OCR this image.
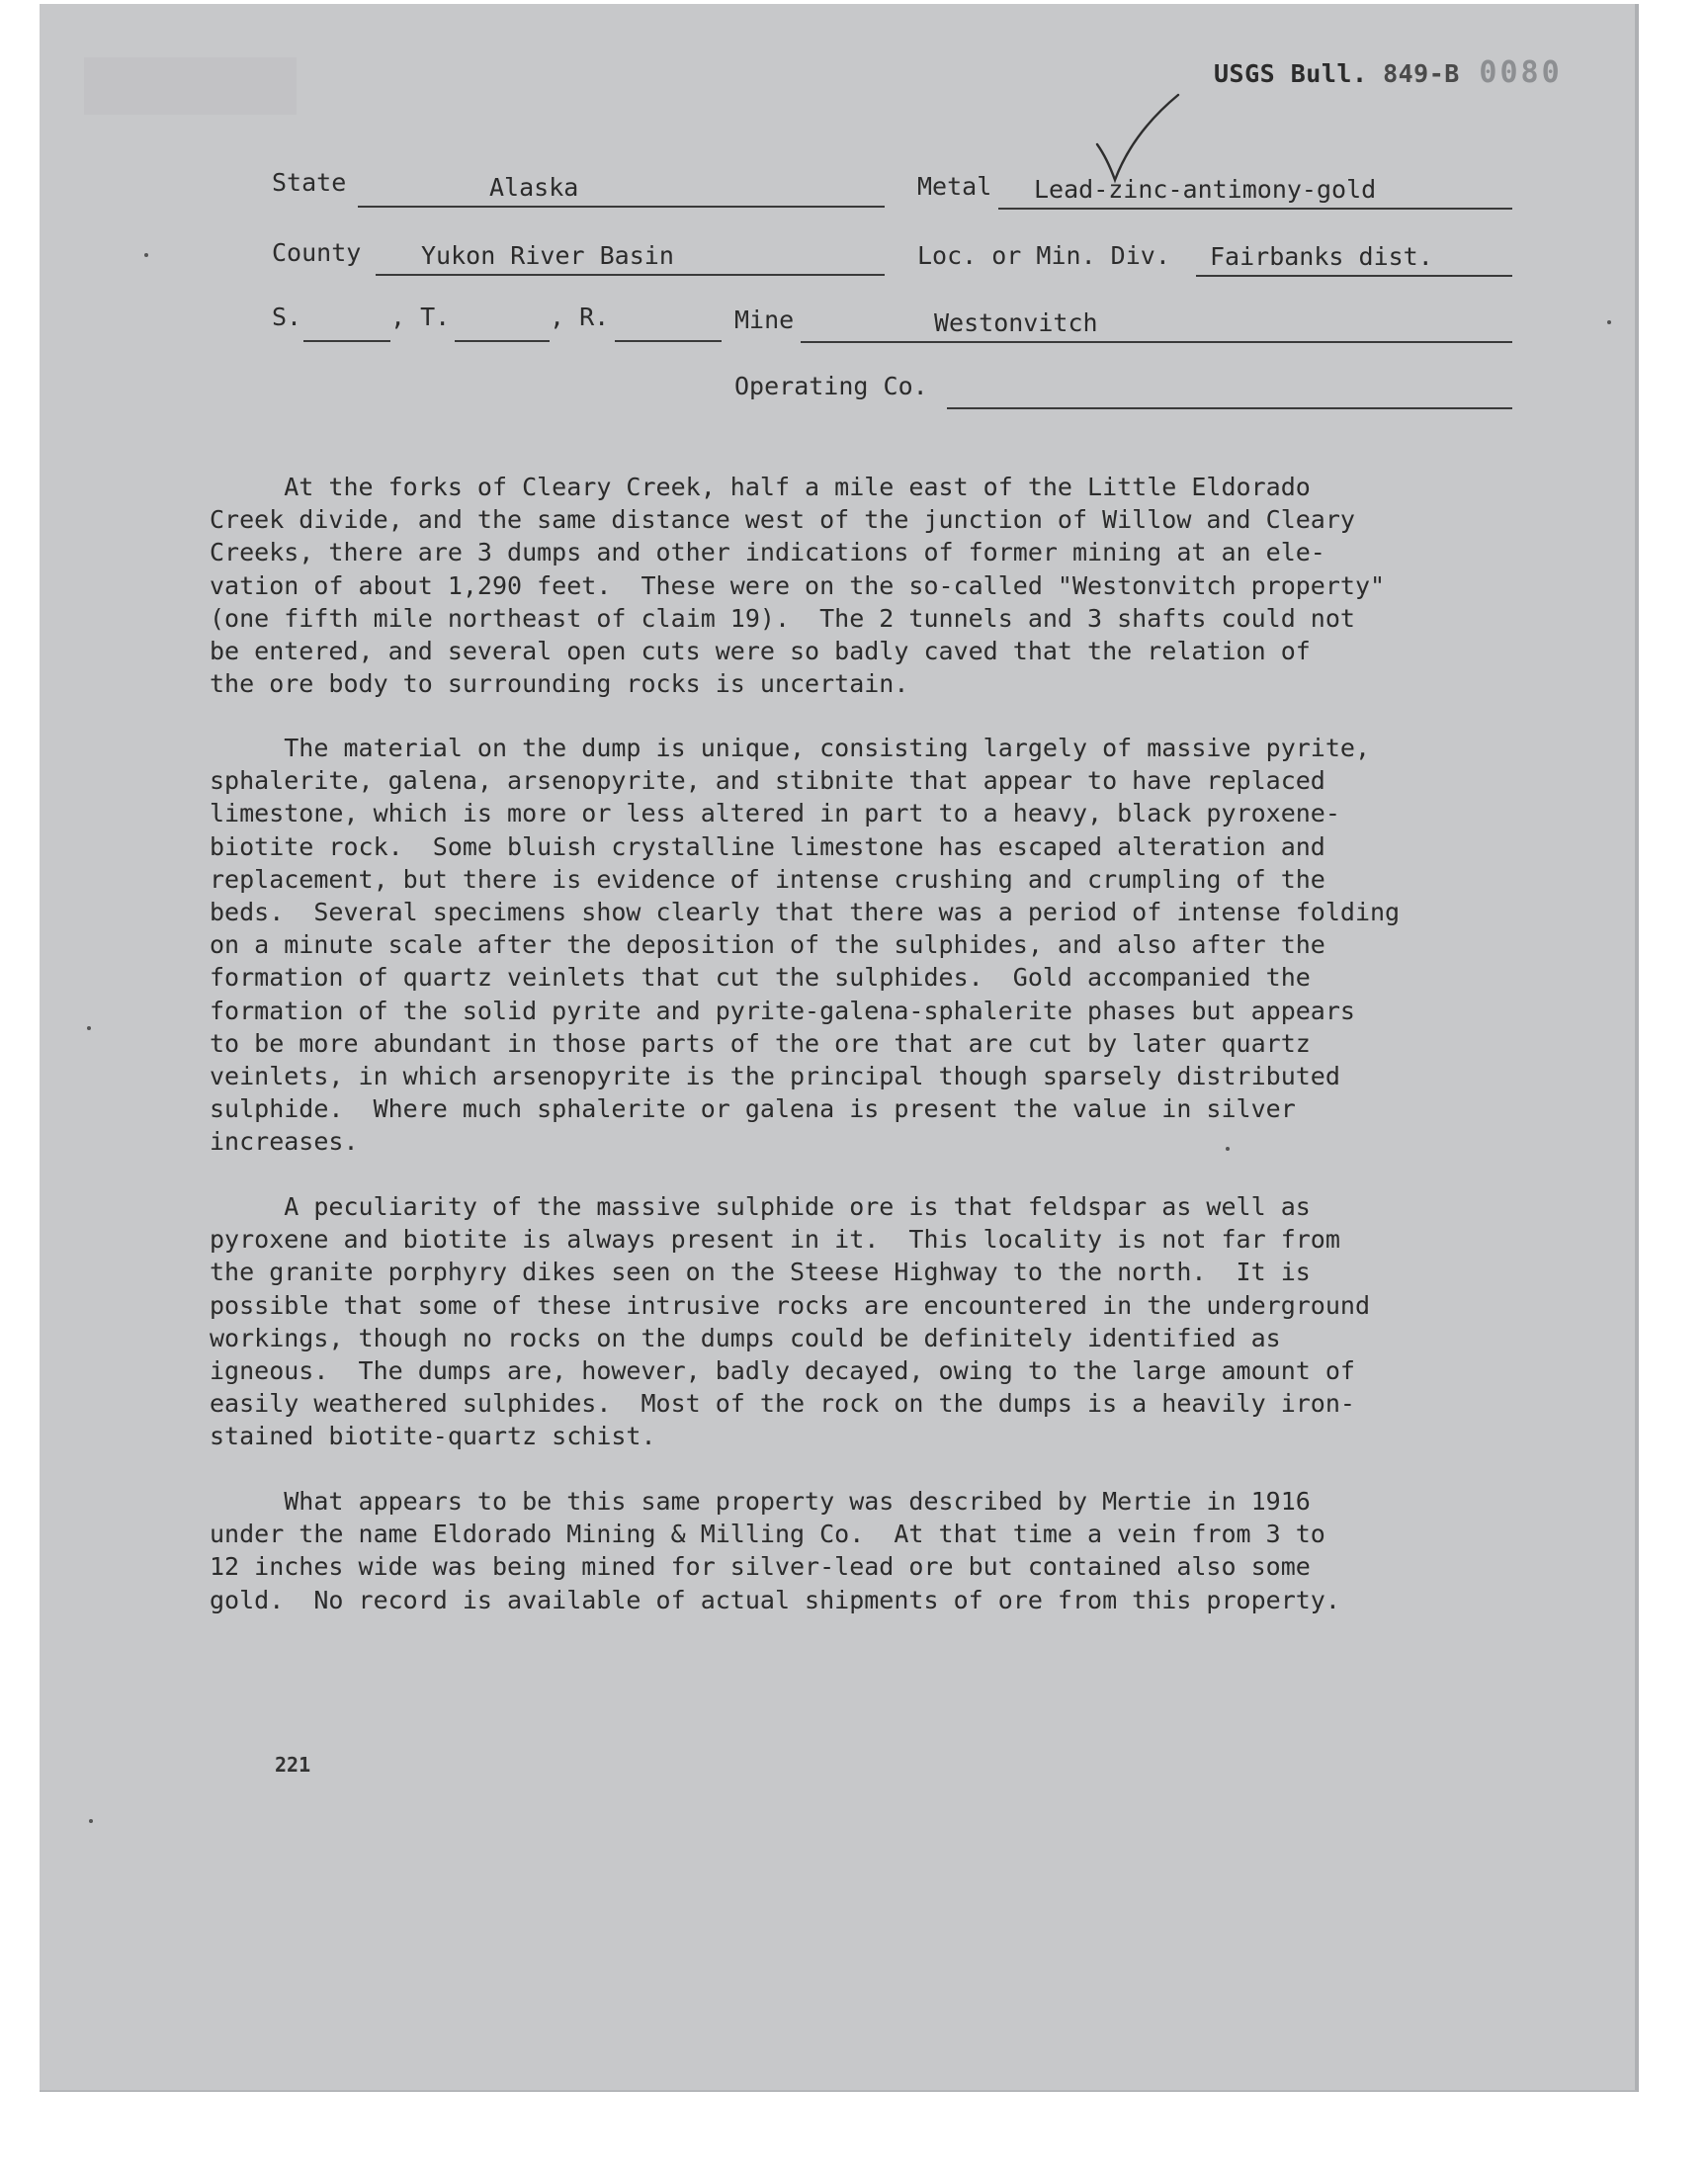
USGS Bull. 849-B 0080
State	Alaska	Metal Lead-zinc-antimony-gold
County Yukon River Basin	Loc. or Min. Div. Fairbanks dist.
S.	, T.	, R.	Mine	Westonvitch
Operating Co.

At the forks of Cleary Creek, half a mile east of the Little Eldorado
Creek divide, and the same distance west of the junction of Willow and Cleary
Creeks, there are 3 dumps and other indications of former mining at an ele-
vation of about 1,290 feet.  These were on the so-called "Westonvitch property"
(one fifth mile northeast of claim 19).  The 2 tunnels and 3 shafts could not
be entered, and several open cuts were so badly caved that the relation of
the ore body to surrounding rocks is uncertain.

The material on the dump is unique, consisting largely of massive pyrite,
sphalerite, galena, arsenopyrite, and stibnite that appear to have replaced
limestone, which is more or less altered in part to a heavy, black pyroxene-
biotite rock.  Some bluish crystalline limestone has escaped alteration and
replacement, but there is evidence of intense crushing and crumpling of the
beds.  Several specimens show clearly that there was a period of intense folding
on a minute scale after the deposition of the sulphides, and also after the
formation of quartz veinlets that cut the sulphides.  Gold accompanied the
formation of the solid pyrite and pyrite-galena-sphalerite phases but appears
to be more abundant in those parts of the ore that are cut by later quartz
veinlets, in which arsenopyrite is the principal though sparsely distributed
sulphide.  Where much sphalerite or galena is present the value in silver
increases.

A peculiarity of the massive sulphide ore is that feldspar as well as
pyroxene and biotite is always present in it.  This locality is not far from
the granite porphyry dikes seen on the Steese Highway to the north.  It is
possible that some of these intrusive rocks are encountered in the underground
workings, though no rocks on the dumps could be definitely identified as
igneous.  The dumps are, however, badly decayed, owing to the large amount of
easily weathered sulphides.  Most of the rock on the dumps is a heavily iron-
stained biotite-quartz schist.

What appears to be this same property was described by Mertie in 1916
under the name Eldorado Mining & Milling Co.  At that time a vein from 3 to
12 inches wide was being mined for silver-lead ore but contained also some
gold.  No record is available of actual shipments of ore from this property.

221
